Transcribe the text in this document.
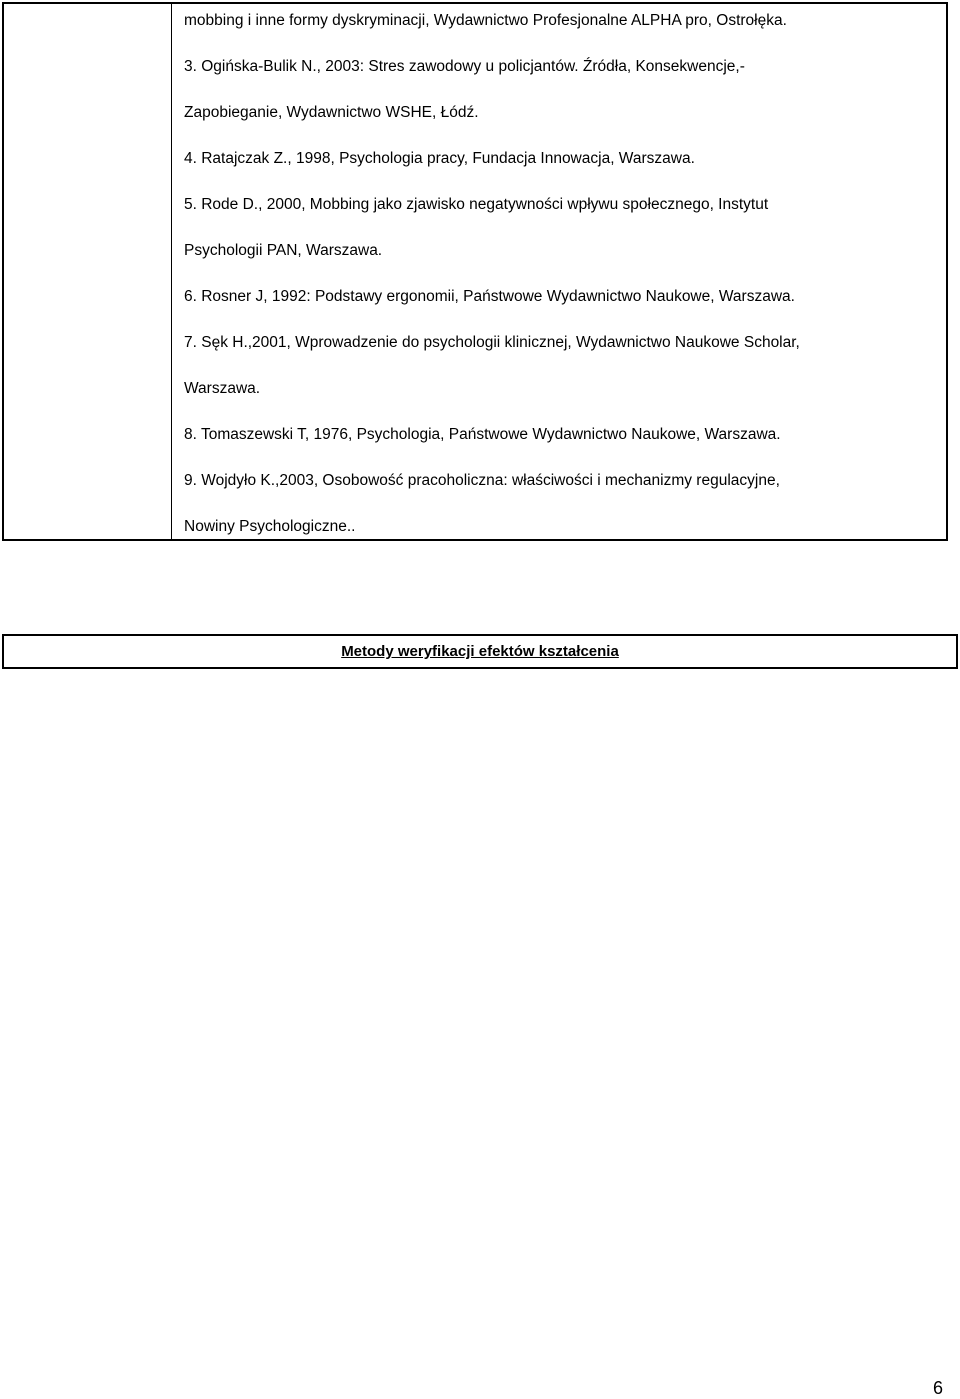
mobbing i inne formy dyskryminacji, Wydawnictwo Profesjonalne ALPHA pro, Ostrołęka.
3. Ogińska-Bulik N., 2003: Stres zawodowy u policjantów. Źródła, Konsekwencje,-
Zapobieganie, Wydawnictwo WSHE, Łódź.
4. Ratajczak Z., 1998, Psychologia pracy, Fundacja Innowacja, Warszawa.
5. Rode D., 2000, Mobbing jako zjawisko negatywności wpływu społecznego, Instytut
Psychologii PAN, Warszawa.
6. Rosner J, 1992: Podstawy ergonomii, Państwowe Wydawnictwo Naukowe, Warszawa.
7. Sęk H.,2001, Wprowadzenie do psychologii klinicznej, Wydawnictwo Naukowe Scholar,
Warszawa.
8. Tomaszewski T, 1976, Psychologia, Państwowe Wydawnictwo Naukowe, Warszawa.
9. Wojdyło K.,2003, Osobowość pracoholiczna: właściwości i mechanizmy regulacyjne,
Nowiny Psychologiczne..
Metody weryfikacji efektów kształcenia
6
